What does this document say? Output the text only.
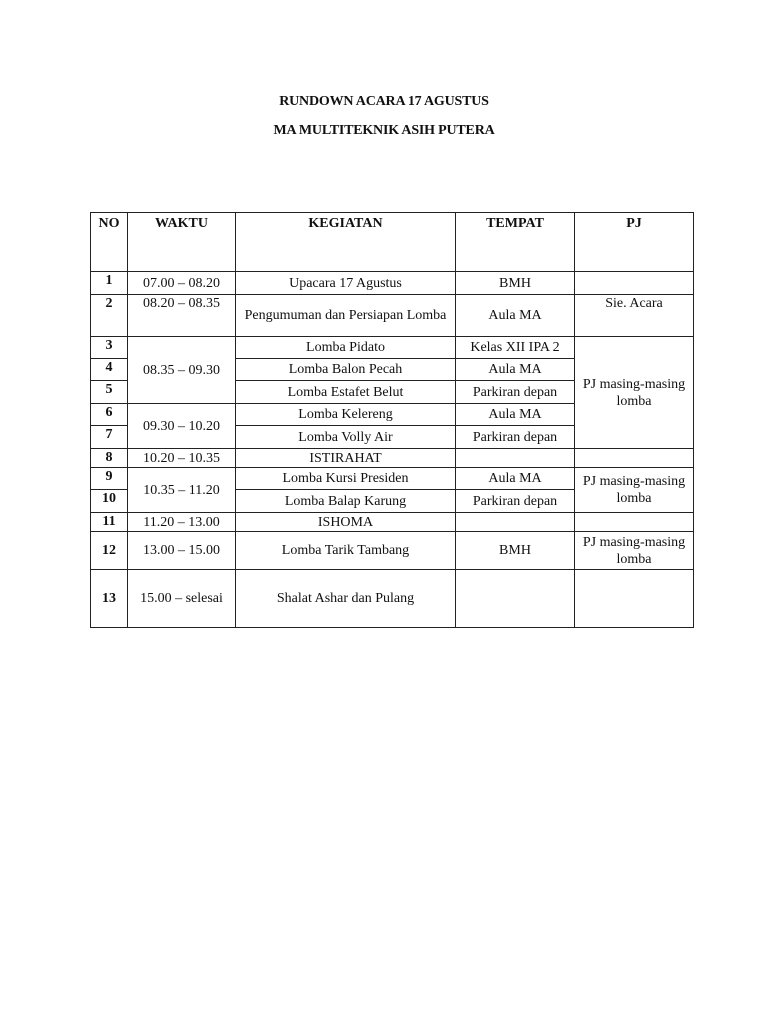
RUNDOWN ACARA 17 AGUSTUS
MA MULTITEKNIK ASIH PUTERA
NO	WAKTU	KEGIATAN	TEMPAT	PJ
1	07.00 – 08.20	Upacara 17 Agustus	BMH	
2	08.20 – 08.35	Pengumuman dan Persiapan Lomba	Aula MA	Sie. Acara
3	08.35 – 09.30	Lomba Pidato	Kelas XII IPA 2	PJ masing-masing lomba
4		Lomba Balon Pecah	Aula MA	
5		Lomba Estafet Belut	Parkiran depan	
6	09.30 – 10.20	Lomba Kelereng	Aula MA	
7		Lomba Volly Air	Parkiran depan	
8	10.20 – 10.35	ISTIRAHAT		
9	10.35 – 11.20	Lomba Kursi Presiden	Aula MA	PJ masing-masing lomba
10		Lomba Balap Karung	Parkiran depan	
11	11.20 – 13.00	ISHOMA		
12	13.00 – 15.00	Lomba Tarik Tambang	BMH	PJ masing-masing lomba
13	15.00 – selesai	Shalat Ashar dan Pulang		
